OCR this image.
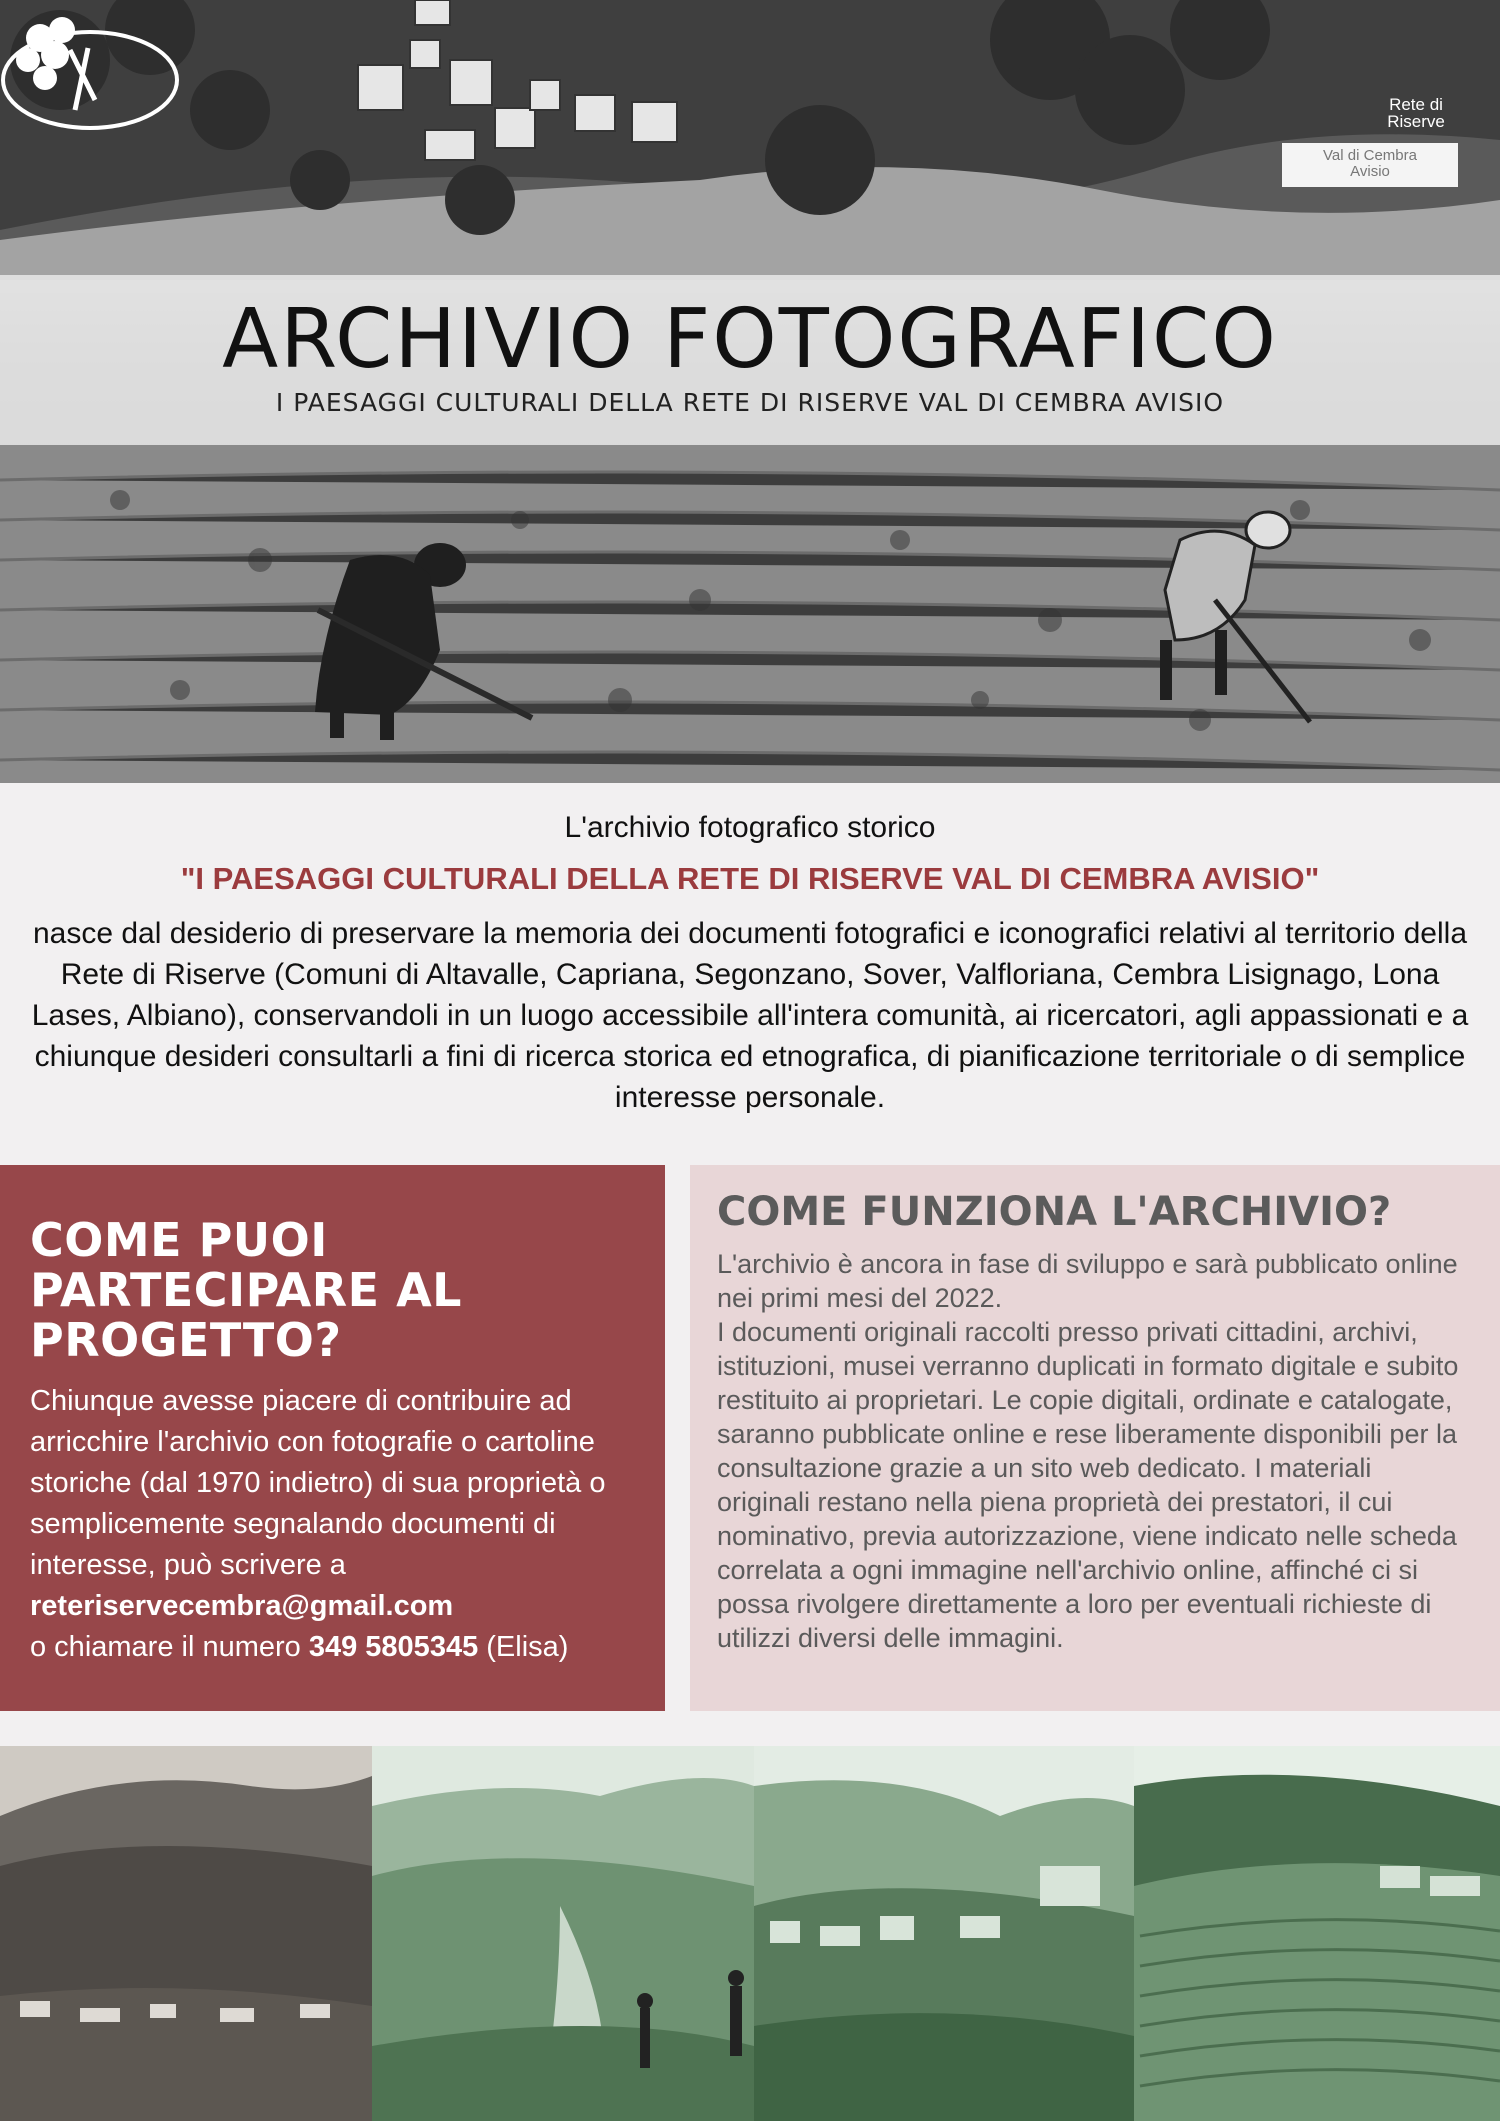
ARCHIVIO FOTOGRAFICO

I PAESAGGI CULTURALI DELLA RETE DI RISERVE VAL DI CEMBRA AVISIO

Rete di
Riserve
Val di Cembra
Avisio

L'archivio fotografico storico

"I PAESAGGI CULTURALI DELLA RETE DI RISERVE VAL DI CEMBRA AVISIO"

nasce dal desiderio di preservare la memoria dei documenti fotografici e iconografici relativi al territorio della Rete di Riserve (Comuni di Altavalle, Capriana, Segonzano, Sover, Valfloriana, Cembra Lisignago, Lona Lases, Albiano), conservandoli in un luogo accessibile all'intera comunità, ai ricercatori, agli appassionati e a chiunque desideri consultarli a fini di ricerca storica ed etnografica, di pianificazione territoriale o di semplice interesse personale.

COME PUOI PARTECIPARE AL PROGETTO?

Chiunque avesse piacere di contribuire ad arricchire l'archivio con fotografie o cartoline storiche (dal 1970 indietro) di sua proprietà o semplicemente segnalando documenti di interesse, può scrivere a
reteriservecembra@gmail.com
o chiamare il numero 349 5805345 (Elisa)

COME FUNZIONA L'ARCHIVIO?

L'archivio è ancora in fase di sviluppo e sarà pubblicato online nei primi mesi del 2022.

I documenti originali raccolti presso privati cittadini, archivi, istituzioni, musei verranno duplicati in formato digitale e subito restituito ai proprietari. Le copie digitali, ordinate e catalogate, saranno pubblicate online e rese liberamente disponibili per la consultazione grazie a un sito web dedicato. I materiali originali restano nella piena proprietà dei prestatori, il cui nominativo, previa autorizzazione, viene indicato nelle scheda correlata a ogni immagine nell'archivio online, affinché ci si possa rivolgere direttamente a loro per eventuali richieste di utilizzi diversi delle immagini.
